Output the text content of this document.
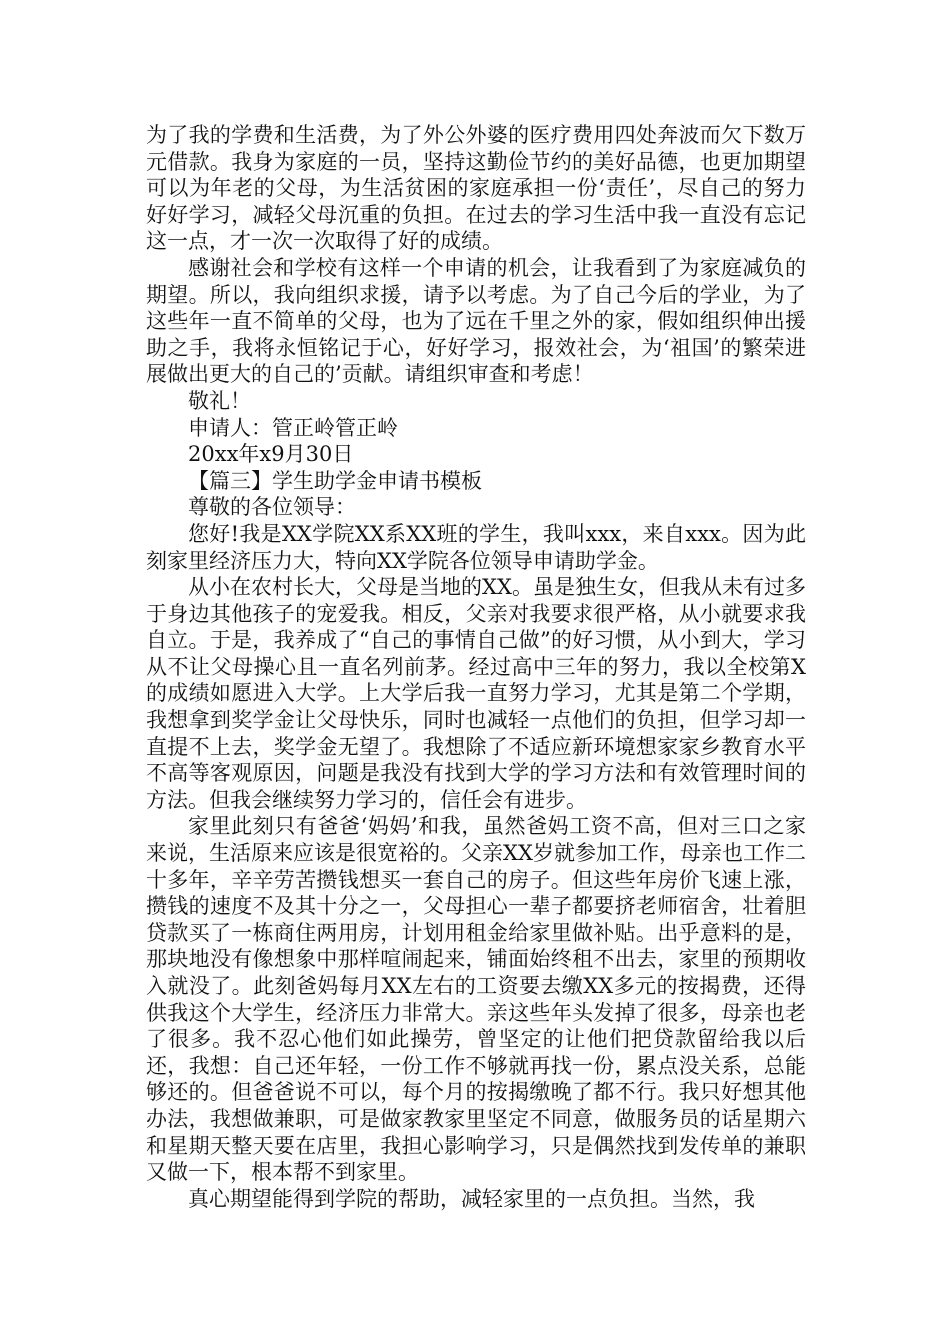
为了我的学费和生活费，为了外公外婆的医疗费用四处奔波而欠下数万元借款。我身为家庭的一员，坚持这勤俭节约的美好品德，也更加期望可以为年老的父母，为生活贫困的家庭承担一份‘责任’，尽自己的努力好好学习，减轻父母沉重的负担。在过去的学习生活中我一直没有忘记这一点，才一次一次取得了好的成绩。

感谢社会和学校有这样一个申请的机会，让我看到了为家庭减负的期望。所以，我向组织求援，请予以考虑。为了自己今后的学业，为了这些年一直不简单的父母，也为了远在千里之外的家，假如组织伸出援助之手，我将永恒铭记于心，好好学习，报效社会，为‘祖国’的繁荣进展做出更大的自己的’贡献。请组织审查和考虑！

敬礼！

申请人：管正岭管正岭

20xx年x9月30日

【篇三】学生助学金申请书模板

尊敬的各位领导：

您好!我是XX学院XX系XX班的学生，我叫xxx，来自xxx。因为此刻家里经济压力大，特向XX学院各位领导申请助学金。

从小在农村长大，父母是当地的XX。虽是独生女，但我从未有过多于身边其他孩子的宠爱我。相反，父亲对我要求很严格，从小就要求我自立。于是，我养成了“自己的事情自己做”的好习惯，从小到大，学习从不让父母操心且一直名列前茅。经过高中三年的努力，我以全校第X的成绩如愿进入大学。上大学后我一直努力学习，尤其是第二个学期，我想拿到奖学金让父母快乐，同时也减轻一点他们的负担，但学习却一直提不上去，奖学金无望了。我想除了不适应新环境想家家乡教育水平不高等客观原因，问题是我没有找到大学的学习方法和有效管理时间的方法。但我会继续努力学习的，信任会有进步。

家里此刻只有爸爸‘妈妈’和我，虽然爸妈工资不高，但对三口之家来说，生活原来应该是很宽裕的。父亲XX岁就参加工作，母亲也工作二十多年，辛辛劳苦攒钱想买一套自己的房子。但这些年房价飞速上涨，攒钱的速度不及其十分之一，父母担心一辈子都要挤老师宿舍，壮着胆贷款买了一栋商住两用房，计划用租金给家里做补贴。出乎意料的是，那块地没有像想象中那样喧闹起来，铺面始终租不出去，家里的预期收入就没了。此刻爸妈每月XX左右的工资要去缴XX多元的按揭费，还得供我这个大学生，经济压力非常大。亲这些年头发掉了很多，母亲也老了很多。我不忍心他们如此操劳，曾坚定的让他们把贷款留给我以后还，我想：自己还年轻，一份工作不够就再找一份，累点没关系，总能够还的。但爸爸说不可以，每个月的按揭缴晚了都不行。我只好想其他办法，我想做兼职，可是做家教家里坚定不同意，做服务员的话星期六和星期天整天要在店里，我担心影响学习，只是偶然找到发传单的兼职又做一下，根本帮不到家里。

真心期望能得到学院的帮助，减轻家里的一点负担。当然，我
